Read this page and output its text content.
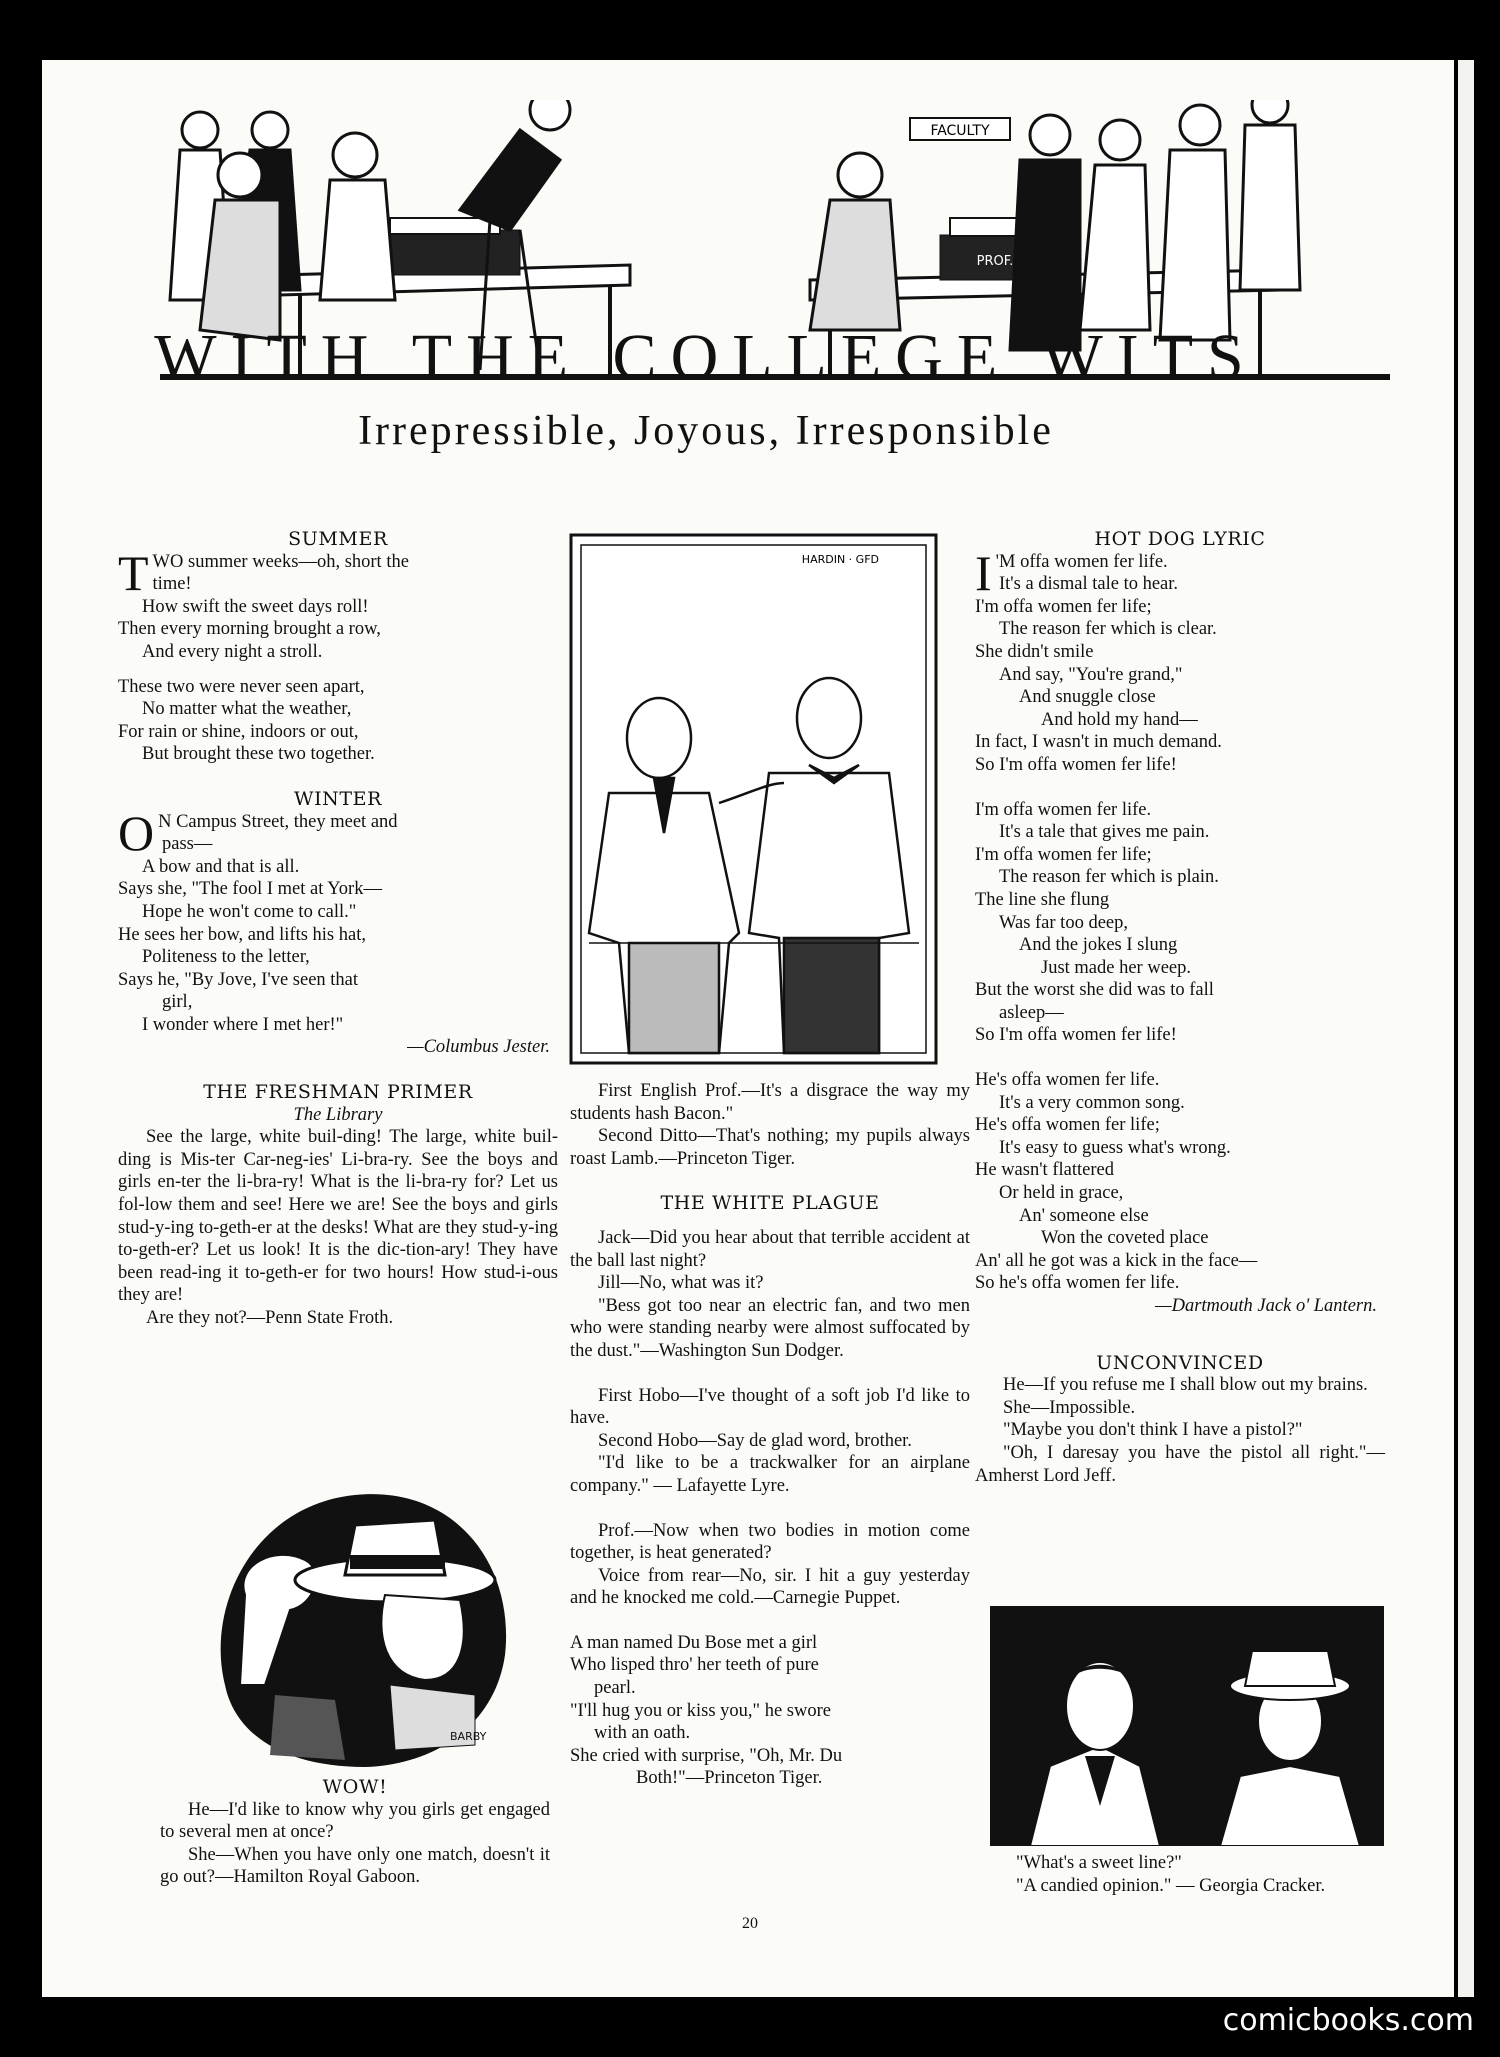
FACULTY
PROF.
WITH THE COLLEGE WITS
Irrepressible, Joyous, Irresponsible

SUMMER

TWO summer weeks—oh, short the

time!

How swift the sweet days roll!

Then every morning brought a row,

And every night a stroll.

These two were never seen apart,

No matter what the weather,

For rain or shine, indoors or out,

But brought these two together.

WINTER

O N Campus Street, they meet and

pass—

A bow and that is all.

Says she, "The fool I met at York—

Hope he won't come to call."

He sees her bow, and lifts his hat,

Politeness to the letter,

Says he, "By Jove, I've seen that

girl,

I wonder where I met her!"

—Columbus Jester.

THE FRESHMAN PRIMER

The Library

See the large, white buil-ding! The large, white buil-ding is Mis-ter Car-neg-ies' Li-bra-ry. See the boys and girls en-ter the li-bra-ry! What is the li-bra-ry for? Let us fol-low them and see! Here we are! See the boys and girls stud-y-ing to-geth-er at the desks! What are they stud-y-ing to-geth-er? Let us look! It is the dic-tion-ary! They have been read-ing it to-geth-er for two hours! How stud-i-ous they are!

Are they not?—Penn State Froth.

BARBY

WOW!

He—I'd like to know why you girls get engaged to several men at once?

She—When you have only one match, doesn't it go out?—Hamilton Royal Gaboon.

HARDIN · GFD

First English Prof.—It's a disgrace the way my students hash Bacon."

Second Ditto—That's nothing; my pupils always roast Lamb.—Princeton Tiger.

THE WHITE PLAGUE

Jack—Did you hear about that terrible accident at the ball last night?

Jill—No, what was it?

"Bess got too near an electric fan, and two men who were standing nearby were almost suffocated by the dust."—Washington Sun Dodger.

First Hobo—I've thought of a soft job I'd like to have.

Second Hobo—Say de glad word, brother.

"I'd like to be a trackwalker for an airplane company." — Lafayette Lyre.

Prof.—Now when two bodies in motion come together, is heat generated?

Voice from rear—No, sir. I hit a guy yesterday and he knocked me cold.—Carnegie Puppet.

A man named Du Bose met a girl

Who lisped thro' her teeth of pure

pearl.

"I'll hug you or kiss you," he swore

with an oath.

She cried with surprise, "Oh, Mr. Du

Both!"—Princeton Tiger.

HOT DOG LYRIC

I 'M offa women fer life.

It's a dismal tale to hear.

I'm offa women fer life;

The reason fer which is clear.

She didn't smile

And say, "You're grand,"

And snuggle close

And hold my hand—

In fact, I wasn't in much demand.

So I'm offa women fer life!

I'm offa women fer life.

It's a tale that gives me pain.

I'm offa women fer life;

The reason fer which is plain.

The line she flung

Was far too deep,

And the jokes I slung

Just made her weep.

But the worst she did was to fall

asleep—

So I'm offa women fer life!

He's offa women fer life.

It's a very common song.

He's offa women fer life;

It's easy to guess what's wrong.

He wasn't flattered

Or held in grace,

An' someone else

Won the coveted place

An' all he got was a kick in the face—

So he's offa women fer life.

—Dartmouth Jack o' Lantern.

UNCONVINCED

He—If you refuse me I shall blow out my brains.

She—Impossible.

"Maybe you don't think I have a pistol?"

"Oh, I daresay you have the pistol all right."—Amherst Lord Jeff.

"What's a sweet line?"

"A candied opinion." — Georgia Cracker.

20
comicbooks.com
